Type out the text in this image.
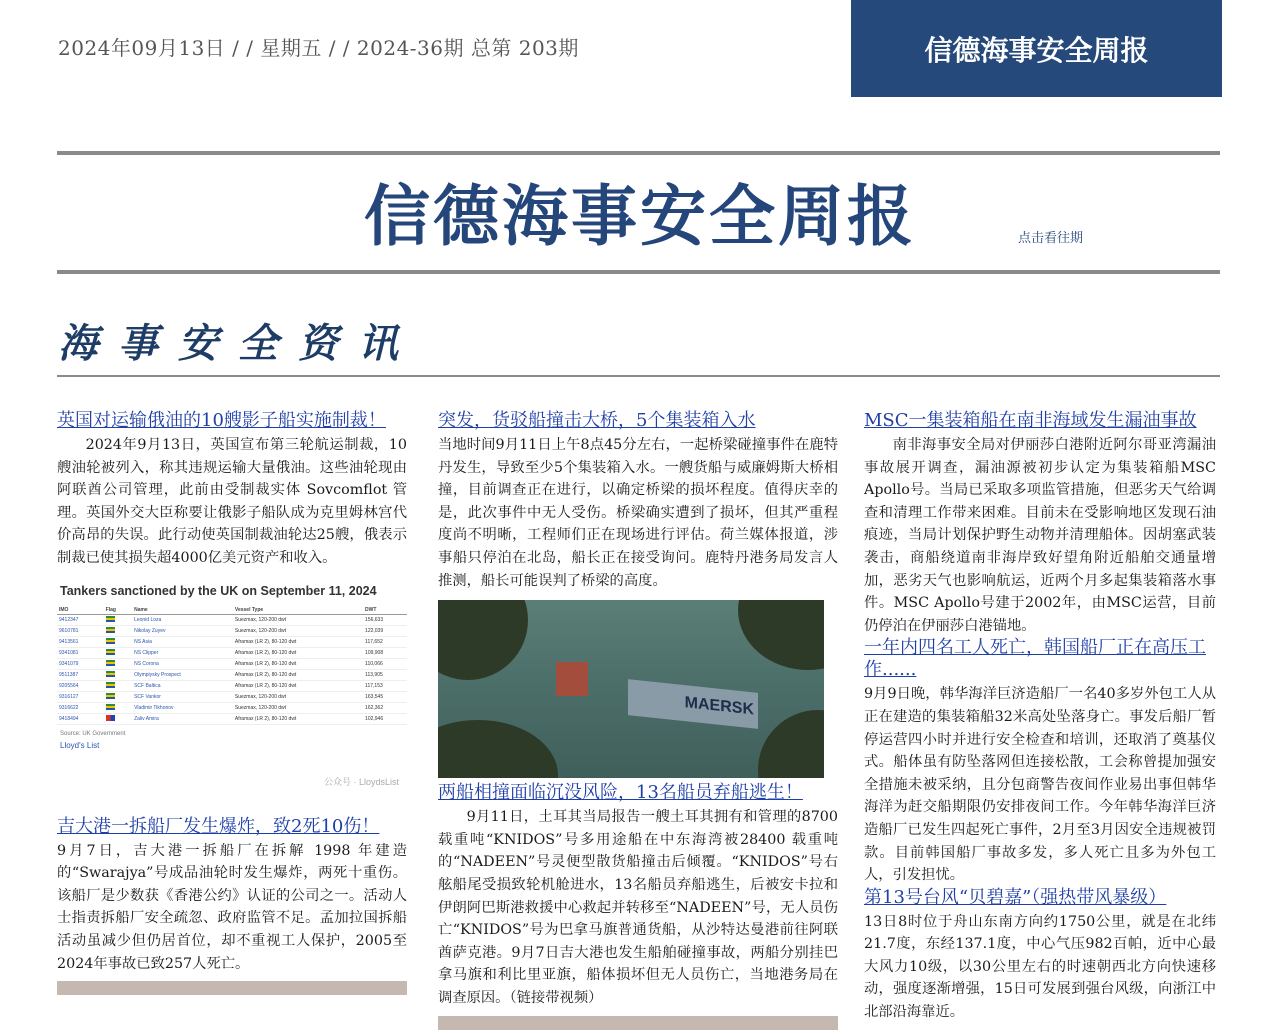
2024年09月13日 / / 星期五 / / 2024-36期 总第 203期	信德海事安全周报
信德海事安全周报	点击看往期
海事安全资讯
英国对运输俄油的10艘影子船实施制裁！

2024年9月13日，英国宣布第三轮航运制裁，10 艘油轮被列入，称其违规运输大量俄油。这些油轮现由阿联酋公司管理，此前由受制裁实体 Sovcomflot 管理。英国外交大臣称要让俄影子船队成为克里姆林宫代价高昂的失误。此行动使英国制裁油轮达25艘，俄表示制裁已使其损失超4000亿美元资产和收入。

Tankers sanctioned by the UK on September 11, 2024
IMO	Flag	Name	Vessel Type	DWT
9412347		Leonid Loza	Suezmax, 120-200 dwt	156,633
9610781		Nikolay Zuyev	Suezmax, 120-200 dwt	122,039
9413561		NS Asia	Aframax (LR 2), 80-120 dwt	117,652
9341081		NS Clipper	Aframax (LR 2), 80-120 dwt	109,908
9341079		NS Corona	Aframax (LR 2), 80-120 dwt	110,066
9511387		Olympiysky Prospect	Aframax (LR 2), 80-120 dwt	113,905
9205564		SCF Baltica	Aframax (LR 2), 80-120 dwt	117,153
9316127		SCF Vankor	Suezmax, 120-200 dwt	163,545
9316622		Vladimir Tikhonov	Suezmax, 120-200 dwt	162,362
9418494		Zaliv Amira	Aframax (LR 2), 80-120 dwt	102,946
Source: UK Government
Lloyd's List
公众号 · LloydsList
吉大港一拆船厂发生爆炸，致2死10伤！

9月7日，吉大港一拆船厂在拆解 1998 年建造的“Swarajya”号成品油轮时发生爆炸，两死十重伤。该船厂是少数获《香港公约》认证的公司之一。活动人士指责拆船厂安全疏忽、政府监管不足。孟加拉国拆船活动虽减少但仍居首位，却不重视工人保护，2005至2024年事故已致257人死亡。

突发，货驳船撞击大桥，5个集装箱入水

当地时间9月11日上午8点45分左右，一起桥梁碰撞事件在鹿特丹发生，导致至少5个集装箱入水。一艘货船与威廉姆斯大桥相撞，目前调查正在进行，以确定桥梁的损坏程度。值得庆幸的是，此次事件中无人受伤。桥梁确实遭到了损坏，但其严重程度尚不明晰，工程师们正在现场进行评估。荷兰媒体报道，涉事船只停泊在北岛，船长正在接受询问。鹿特丹港务局发言人推测，船长可能误判了桥梁的高度。

MAERSK
两船相撞面临沉没风险，13名船员弃船逃生！

9月11日，土耳其当局报告一艘土耳其拥有和管理的8700载重吨“KNIDOS”号多用途船在中东海湾被28400 载重吨的“NADEEN”号灵便型散货船撞击后倾覆。“KNIDOS”号右舷船尾受损致轮机舱进水，13名船员弃船逃生，后被安卡拉和伊朗阿巴斯港救援中心救起并转移至“NADEEN”号，无人员伤亡“KNIDOS”号为巴拿马旗普通货船，从沙特达曼港前往阿联酋萨克港。9月7日吉大港也发生船舶碰撞事故，两船分别挂巴拿马旗和利比里亚旗，船体损坏但无人员伤亡，当地港务局在调查原因。（链接带视频）

MSC一集装箱船在南非海域发生漏油事故

南非海事安全局对伊丽莎白港附近阿尔哥亚湾漏油事故展开调查，漏油源被初步认定为集装箱船MSC Apollo号。当局已采取多项监管措施，但恶劣天气给调查和清理工作带来困难。目前未在受影响地区发现石油痕迹，当局计划保护野生动物并清理船体。因胡塞武装袭击，商船绕道南非海岸致好望角附近船舶交通量增加，恶劣天气也影响航运，近两个月多起集装箱落水事件。MSC Apollo号建于2002年，由MSC运营，目前仍停泊在伊丽莎白港锚地。

一年内四名工人死亡，韩国船厂正在高压工作......

9月9日晚，韩华海洋巨济造船厂一名40多岁外包工人从正在建造的集装箱船32米高处坠落身亡。事发后船厂暂停运营四小时并进行安全检查和培训，还取消了奠基仪式。船体虽有防坠落网但连接松散，工会称曾提加强安全措施未被采纳，且分包商警告夜间作业易出事但韩华海洋为赶交船期限仍安排夜间工作。今年韩华海洋巨济造船厂已发生四起死亡事件，2月至3月因安全违规被罚款。目前韩国船厂事故多发，多人死亡且多为外包工人，引发担忧。

第13号台风“贝碧嘉”（强热带风暴级）

13日8时位于舟山东南方向约1750公里，就是在北纬21.7度，东经137.1度，中心气压982百帕，近中心最大风力10级，以30公里左右的时速朝西北方向快速移动，强度逐渐增强，15日可发展到强台风级，向浙江中北部沿海靠近。
